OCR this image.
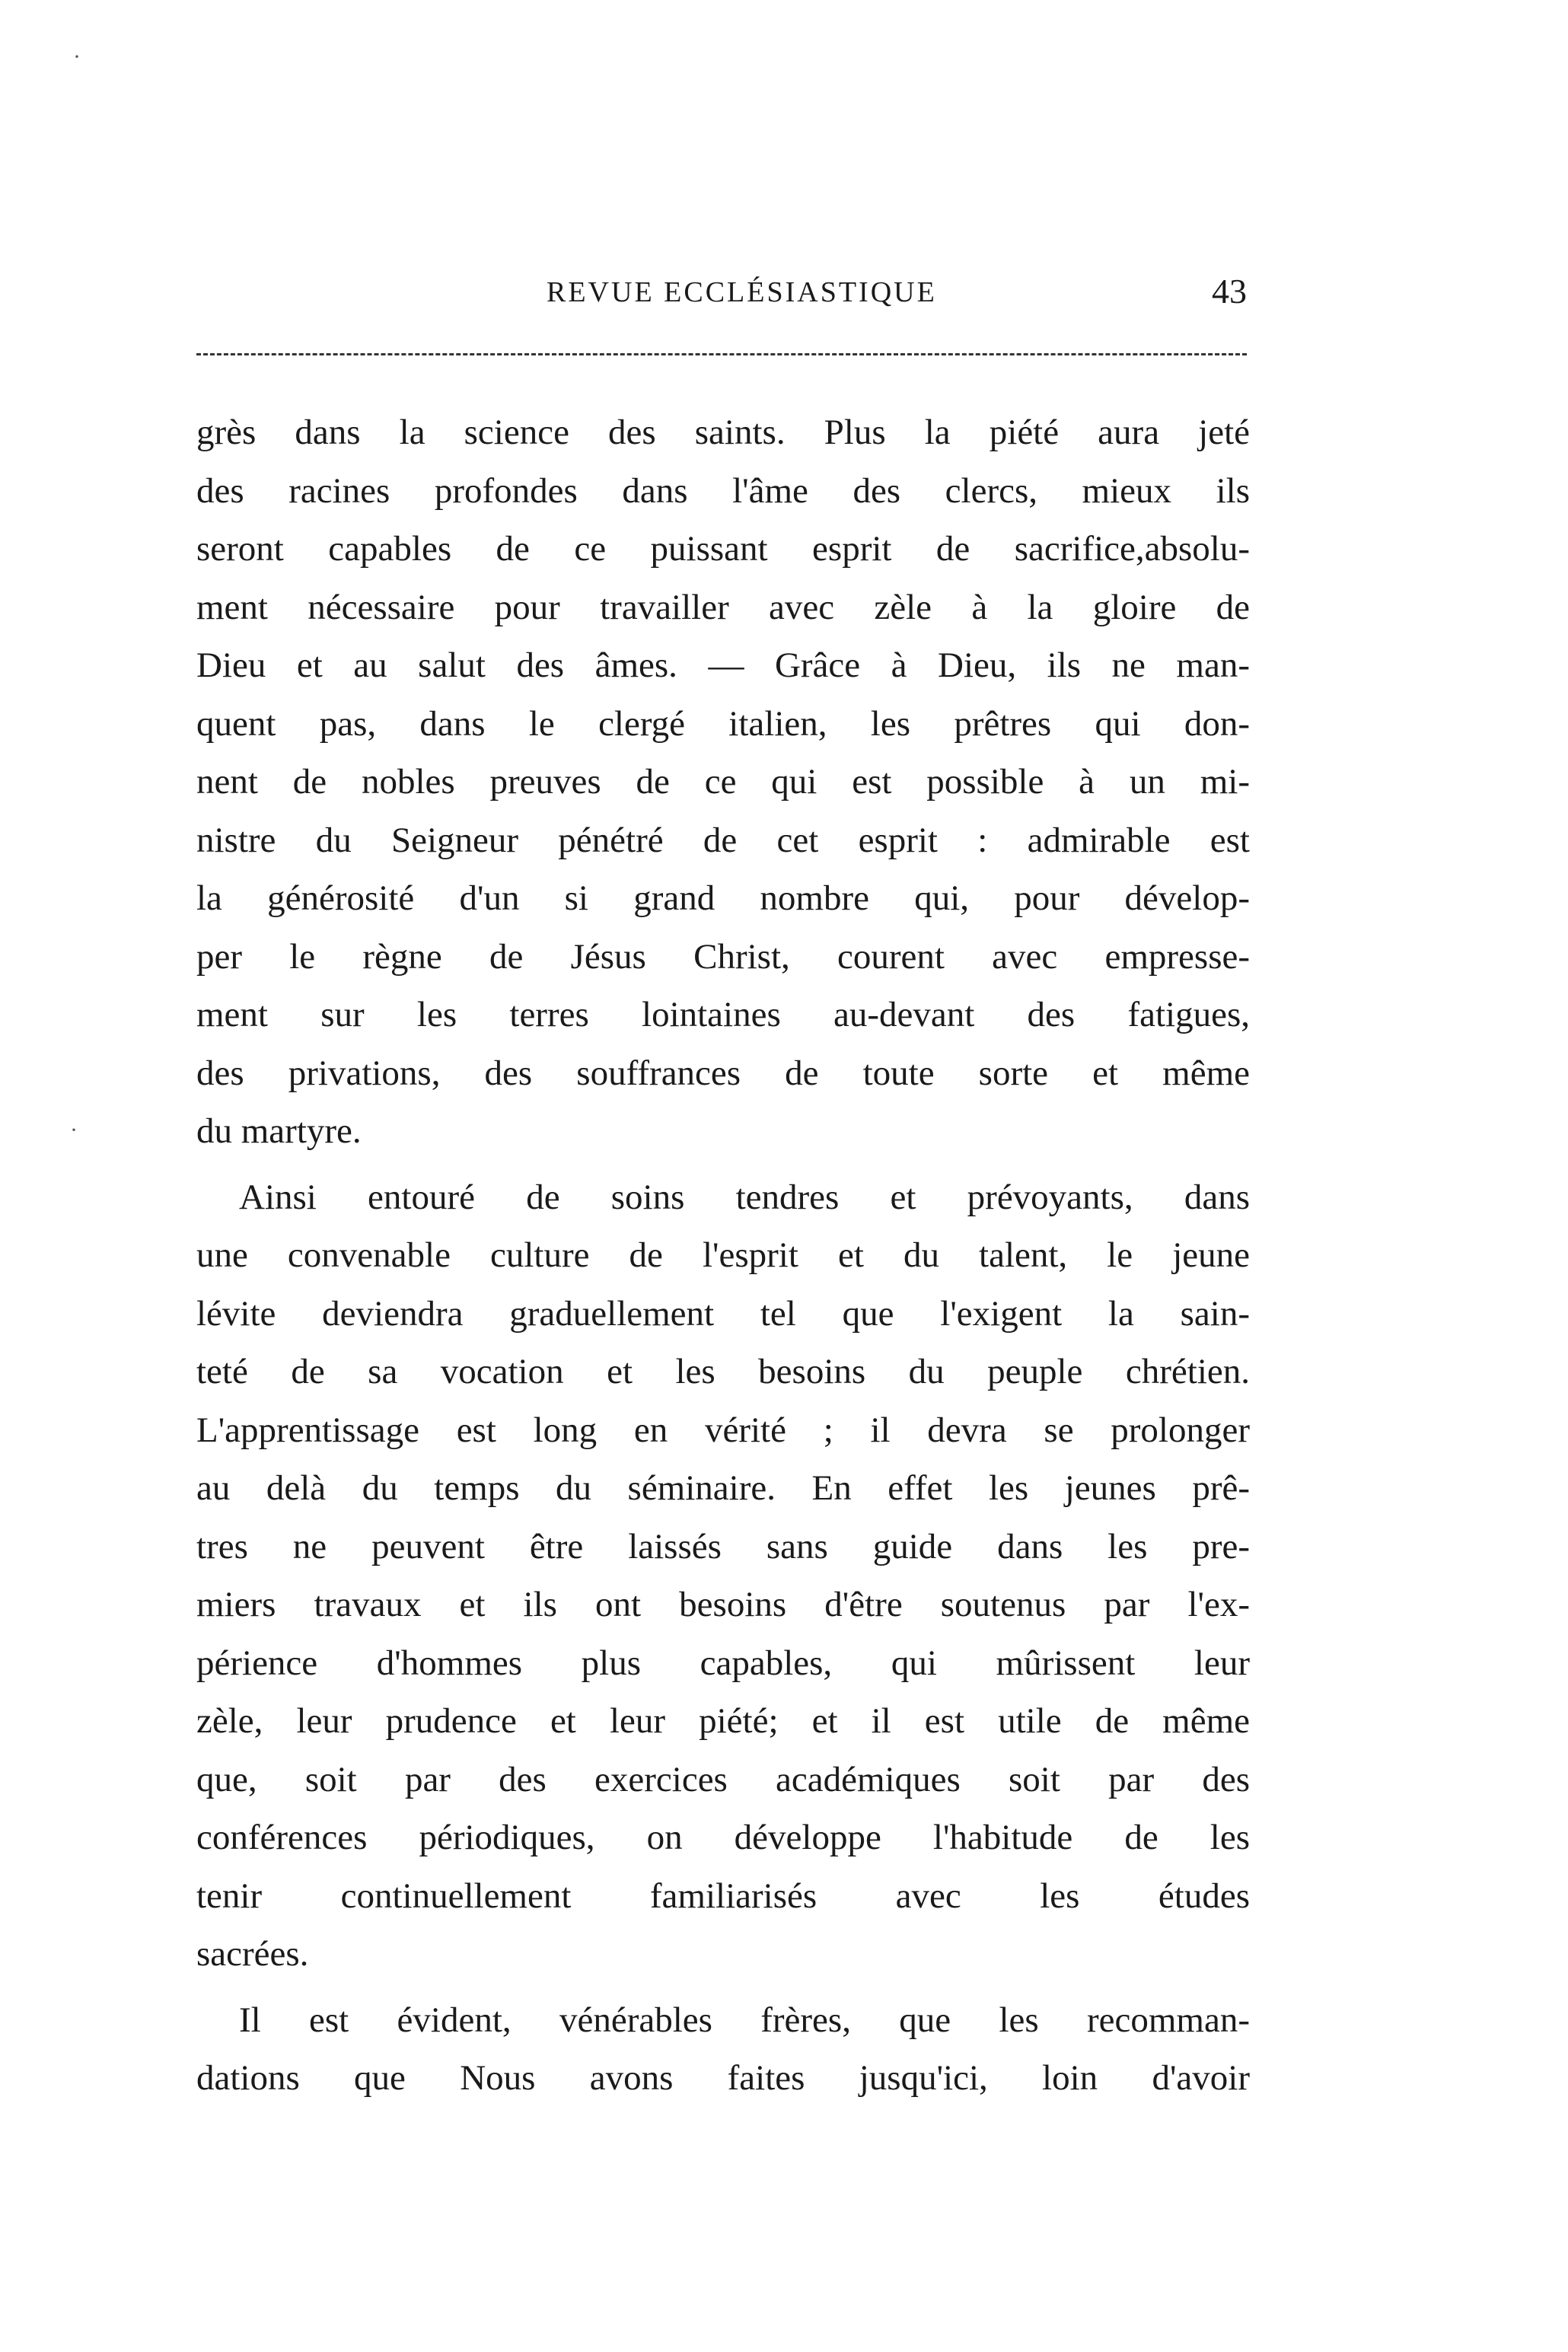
·
·
REVUE ECCLÉSIASTIQUE	43
grès dans la science des saints. Plus la piété aura jeté
des racines profondes dans l'âme des clercs, mieux ils
seront capables de ce puissant esprit de sacrifice,absolu-
ment nécessaire pour travailler avec zèle à la gloire de
Dieu et au salut des âmes. — Grâce à Dieu, ils ne man-
quent pas, dans le clergé italien, les prêtres qui don-
nent de nobles preuves de ce qui est possible à un mi-
nistre du Seigneur pénétré de cet esprit : admirable est
la générosité d'un si grand nombre qui, pour dévelop-
per le règne de Jésus Christ, courent avec empresse-
ment sur les terres lointaines au-devant des fatigues,
des privations, des souffrances de toute sorte et même
du martyre.
Ainsi entouré de soins tendres et prévoyants, dans
une convenable culture de l'esprit et du talent, le jeune
lévite deviendra graduellement tel que l'exigent la sain-
teté de sa vocation et les besoins du peuple chrétien.
L'apprentissage est long en vérité ; il devra se prolonger
au delà du temps du séminaire. En effet les jeunes prê-
tres ne peuvent être laissés sans guide dans les pre-
miers travaux et ils ont besoins d'être soutenus par l'ex-
périence d'hommes plus capables, qui mûrissent leur
zèle, leur prudence et leur piété; et il est utile de même
que, soit par des exercices académiques soit par des
conférences périodiques, on développe l'habitude de les
tenir continuellement familiarisés avec les études
sacrées.
Il est évident, vénérables frères, que les recomman-
dations que Nous avons faites jusqu'ici, loin d'avoir
